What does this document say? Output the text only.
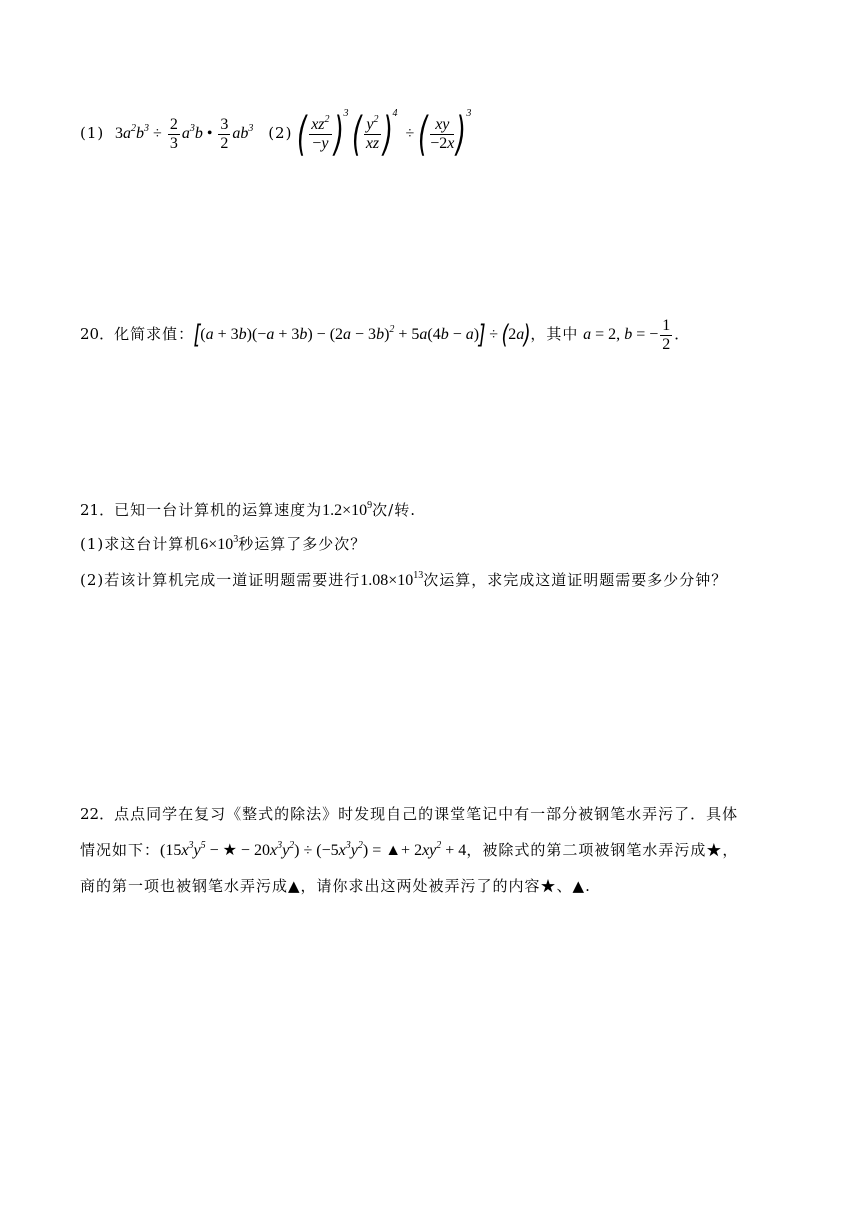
(1) $3a^2b^3 \div \frac{2}{3} a^3b$ • $\frac{3}{2} ab^3$ (2) ( $\frac{xz^2}{-y} )^3$ ( $\frac{y^2}{xz} )^4$  ÷ ( $\frac{xy}{-2x} )^3$
20．化简求值：$[(a + 3b)(-a + 3b) - (2a - 3b)^2 + 5a(4b - a)] \div (2a)$，其中 a = 2, b = − $\frac{1}{2}$ ．
21．已知一台计算机的运算速度为$1.2\times 10^9$次/转.
(1)求这台计算机$6\times 10^3$秒运算了多少次？
(2)若该计算机完成一道证明题需要进行$1.08\times 10^{13}$次运算，求完成这道证明题需要多少分钟？
22．点点同学在复习《整式的除法》时发现自己的课堂笔记中有一部分被钢笔水弄污了．具体
情况如下：($15x^3y^5$ − ★ − $20x^3y^2) \div (-5x^3y^2)$ = ▲+ $2xy^2 + 4$，被除式的第二项被钢笔水弄污成★，
商的第一项也被钢笔水弄污成▲，请你求出这两处被弄污了的内容★、▲.
